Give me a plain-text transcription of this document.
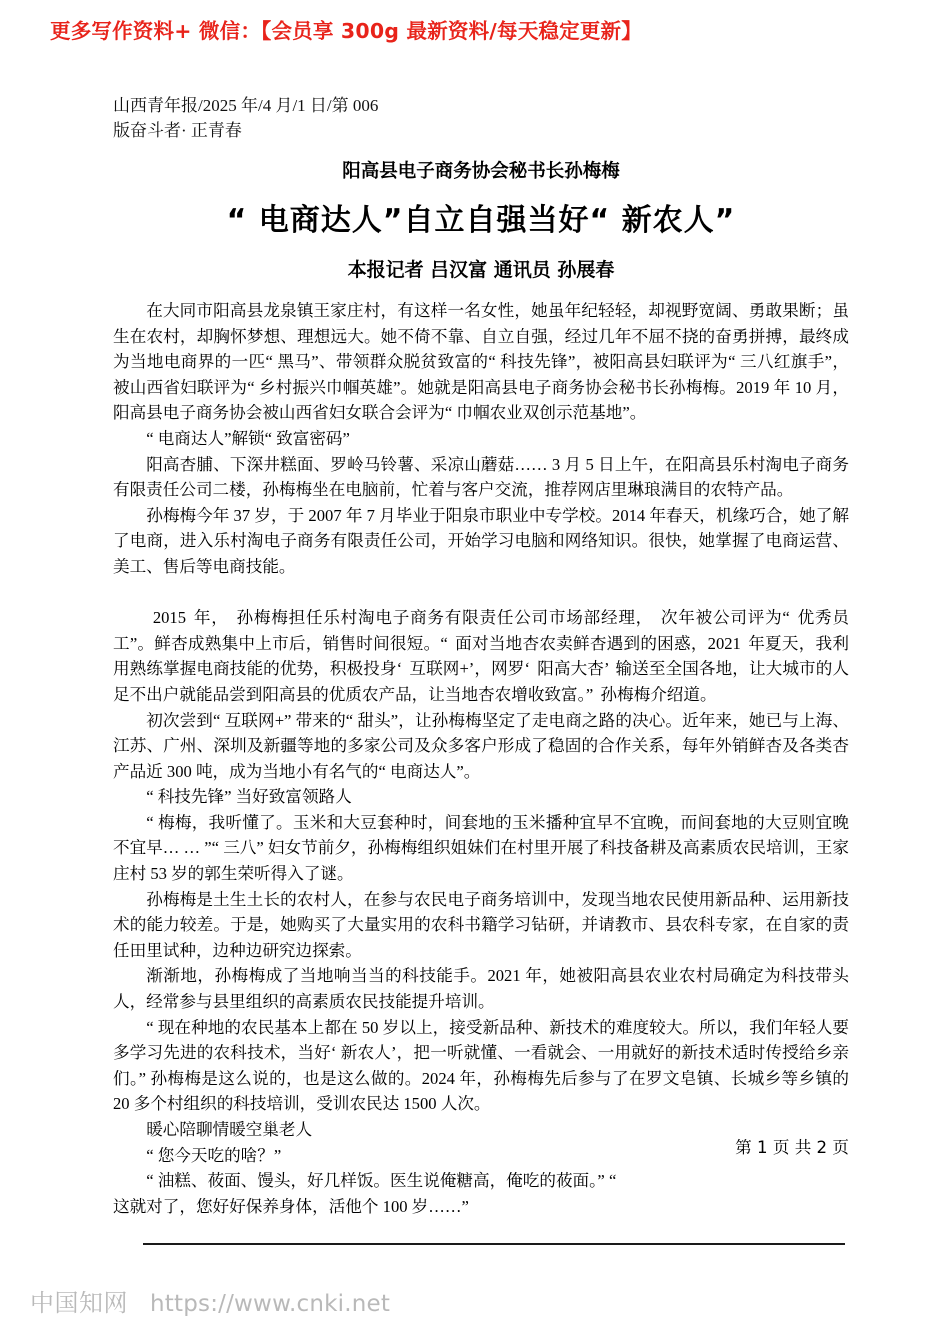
更多写作资料+ 微信：【会员享 300g 最新资料/每天稳定更新】
山西青年报/2025 年/4 月/1 日/第 006
版奋斗者· 正青春
阳高县电子商务协会秘书长孙梅梅
“ 电商达人”自立自强当好“ 新农人”
本报记者 吕汉富 通讯员 孙展春

在大同市阳高县龙泉镇王家庄村，有这样一名女性，她虽年纪轻轻，却视野宽阔、勇敢果断；虽生在农村，却胸怀梦想、理想远大。她不倚不靠、自立自强，经过几年不屈不挠的奋勇拼搏，最终成为当地电商界的一匹“ 黑马”、带领群众脱贫致富的“ 科技先锋”，被阳高县妇联评为“ 三八红旗手”，被山西省妇联评为“ 乡村振兴巾帼英雄”。她就是阳高县电子商务协会秘书长孙梅梅。2019 年 10 月，阳高县电子商务协会被山西省妇女联合会评为“ 巾帼农业双创示范基地”。

“ 电商达人”解锁“ 致富密码”

阳高杏脯、下深井糕面、罗岭马铃薯、采凉山蘑菇…… 3 月 5 日上午，在阳高县乐村淘电子商务有限责任公司二楼，孙梅梅坐在电脑前，忙着与客户交流，推荐网店里琳琅满目的农特产品。

孙梅梅今年 37 岁，于 2007 年 7 月毕业于阳泉市职业中专学校。2014 年春天，机缘巧合，她了解了电商，进入乐村淘电子商务有限责任公司，开始学习电脑和网络知识。很快，她掌握了电商运营、美工、售后等电商技能。

2015 年， 孙梅梅担任乐村淘电子商务有限责任公司市场部经理， 次年被公司评为“ 优秀员工”。鲜杏成熟集中上市后，销售时间很短。“ 面对当地杏农卖鲜杏遇到的困惑，2021 年夏天，我利用熟练掌握电商技能的优势，积极投身‘ 互联网+’，网罗‘ 阳高大杏’ 输送至全国各地，让大城市的人足不出户就能品尝到阳高县的优质农产品，让当地杏农增收致富。” 孙梅梅介绍道。

初次尝到“ 互联网+” 带来的“ 甜头”，让孙梅梅坚定了走电商之路的决心。近年来，她已与上海、江苏、广州、深圳及新疆等地的多家公司及众多客户形成了稳固的合作关系，每年外销鲜杏及各类杏产品近 300 吨，成为当地小有名气的“ 电商达人”。

“ 科技先锋” 当好致富领路人

“ 梅梅，我听懂了。玉米和大豆套种时，间套地的玉米播种宜早不宜晚，而间套地的大豆则宜晚不宜早… … ”“ 三八” 妇女节前夕，孙梅梅组织姐妹们在村里开展了科技备耕及高素质农民培训，王家庄村 53 岁的郭生荣听得入了谜。

孙梅梅是土生土长的农村人，在参与农民电子商务培训中，发现当地农民使用新品种、运用新技术的能力较差。于是，她购买了大量实用的农科书籍学习钻研，并请教市、县农科专家，在自家的责任田里试种，边种边研究边探索。

渐渐地，孙梅梅成了当地响当当的科技能手。2021 年，她被阳高县农业农村局确定为科技带头人，经常参与县里组织的高素质农民技能提升培训。

“ 现在种地的农民基本上都在 50 岁以上，接受新品种、新技术的难度较大。所以，我们年轻人要多学习先进的农科技术，当好‘ 新农人’，把一听就懂、一看就会、一用就好的新技术适时传授给乡亲们。” 孙梅梅是这么说的，也是这么做的。2024 年，孙梅梅先后参与了在罗文皂镇、长城乡等乡镇的 20 多个村组织的科技培训，受训农民达 1500 人次。

暖心陪聊情暖空巢老人

“ 您今天吃的啥？”

“ 油糕、莜面、馒头，好几样饭。医生说俺糖高，俺吃的莜面。” “

这就对了，您好好保养身体，活他个 100 岁……”

第 1 页 共 2 页
中国知网 https://www.cnki.net
